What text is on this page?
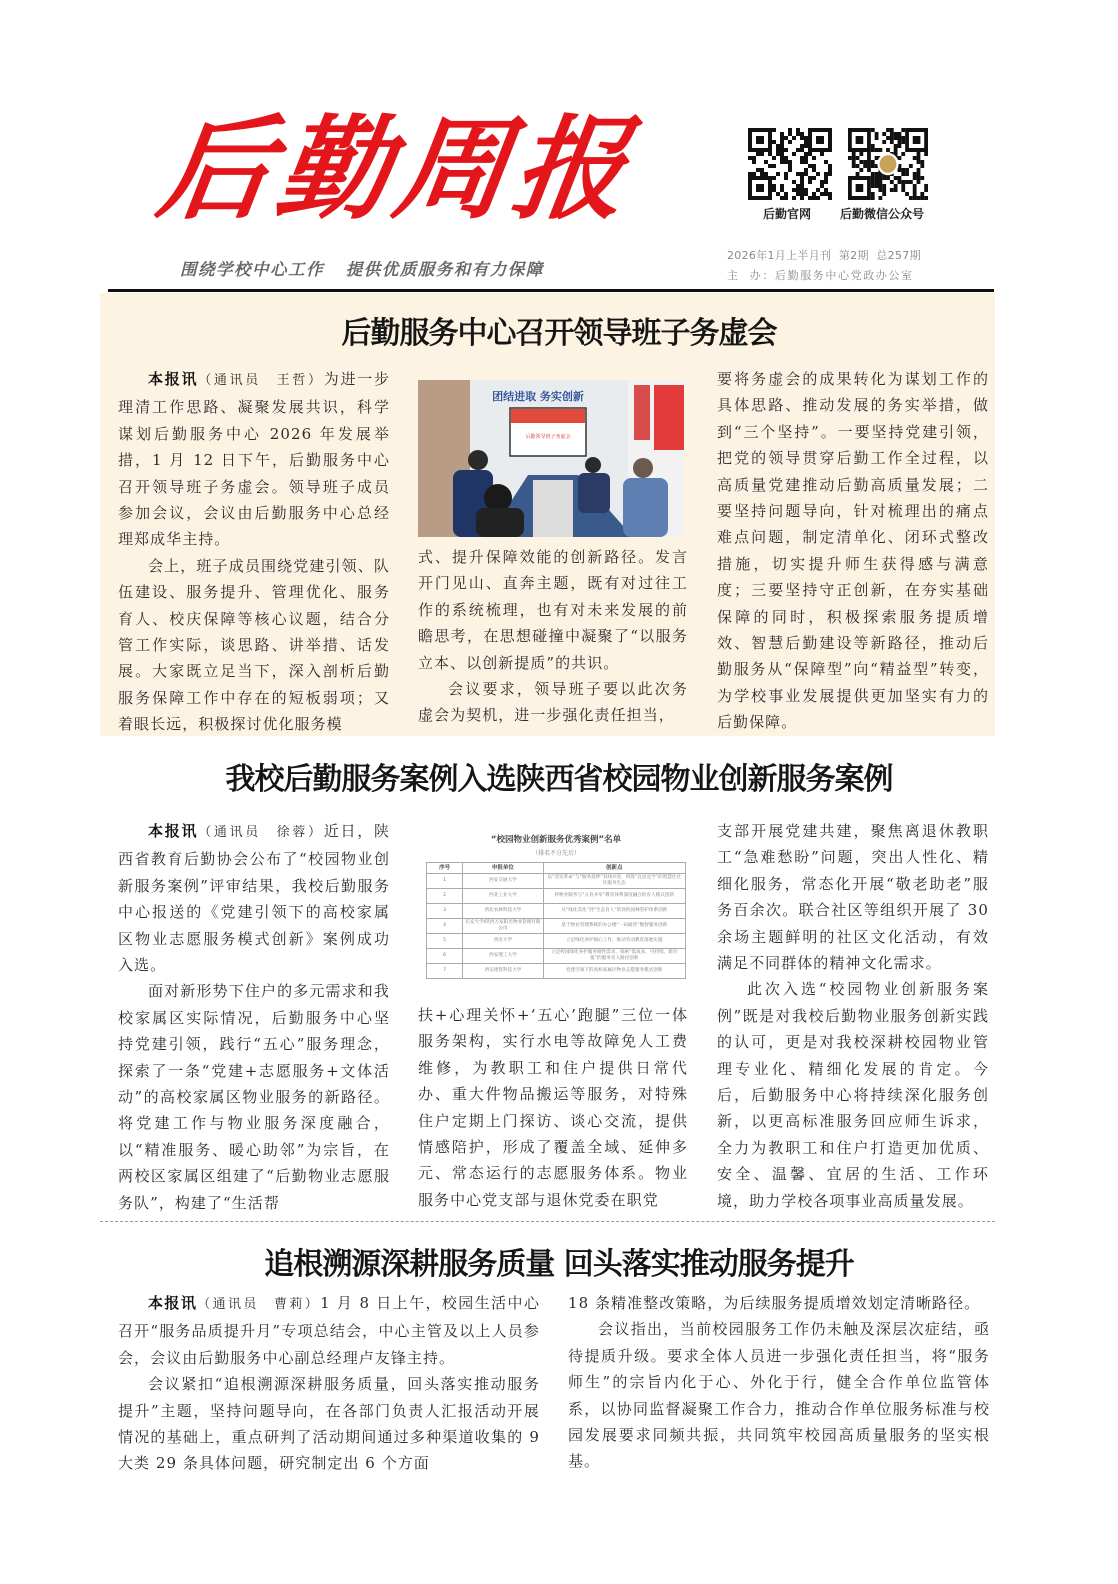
后勤周报
围绕学校中心工作   提供优质服务和有力保障
后勤官网 后勤微信公众号
2026年1月上半月刊  第2期  总257期
主  办：后勤服务中心党政办公室
后勤服务中心召开领导班子务虚会

本报讯（通讯员　王哲）为进一步理清工作思路、凝聚发展共识，科学谋划后勤服务中心 2026 年发展举措，1 月 12 日下午，后勤服务中心召开领导班子务虚会。领导班子成员参加会议，会议由后勤服务中心总经理郑成华主持。

会上，班子成员围绕党建引领、队伍建设、服务提升、管理优化、服务育人、校庆保障等核心议题，结合分管工作实际，谈思路、讲举措、话发展。大家既立足当下，深入剖析后勤服务保障工作中存在的短板弱项；又着眼长远，积极探讨优化服务模

团结进取 务实创新
后勤领导班子务虚会

式、提升保障效能的创新路径。发言开门见山、直奔主题，既有对过往工作的系统梳理，也有对未来发展的前瞻思考，在思想碰撞中凝聚了“以服务立本、以创新提质”的共识。

会议要求，领导班子要以此次务虚会为契机，进一步强化责任担当，

要将务虚会的成果转化为谋划工作的具体思路、推动发展的务实举措，做到“三个坚持”。一要坚持党建引领，把党的领导贯穿后勤工作全过程，以高质量党建推动后勤高质量发展；二要坚持问题导向，针对梳理出的痛点难点问题，制定清单化、闭环式整改措施，切实提升师生获得感与满意度；三要坚持守正创新，在夯实基础保障的同时，积极探索服务提质增效、智慧后勤建设等新路径，推动后勤服务从“保障型”向“精益型”转变，为学校事业发展提供更加坚实有力的后勤保障。

我校后勤服务案例入选陕西省校园物业创新服务案例

本报讯（通讯员　徐蓉）近日，陕西省教育后勤协会公布了“校园物业创新服务案例”评审结果，我校后勤服务中心报送的《党建引领下的高校家属区物业志愿服务模式创新》案例成功入选。

面对新形势下住户的多元需求和我校家属区实际情况，后勤服务中心坚持党建引领，践行“五心”服务理念，探索了一条“党建+志愿服务+文体活动”的高校家属区物业服务的新路径。将党建工作与物业服务深度融合，以“精准服务、暖心助邻”为宗旨，在两校区家属区组建了“后勤物业志愿服务队”，构建了“生活帮

“校园物业创新服务优秀案例”名单
（排名不分先后）
序号	申报单位	创新点
1	西安交通大学	以“适室革命”与“服务延伸”双线并进，构筑“宜居宜学”的智慧化社区服务生态
2	西北工业大学	将物业服务与“五育并举”教育体系深度融合的育人模式创新
3	西北农林科技大学	从“绿化美化”到“生态育人”的高校园林管护体系创新
4	长安大学/陕西万家阳光物业管理有限公司	基于物业管理系统的办公楼“一码通管”数智服务创新
5	西北大学	立足绿化养护核心工作，推动劳动教育落地实施
6	西安理工大学	立足校园绿化养护服务刚性需求，探索“低成本、可持续、新价值”的服务育人路径创新
7	西安建筑科技大学	党建引领下的高校家属区物业志愿服务模式创新

扶+心理关怀+‘五心’跑腿”三位一体服务架构，实行水电等故障免人工费维修，为教职工和住户提供日常代办、重大件物品搬运等服务，对特殊住户定期上门探访、谈心交流，提供情感陪护，形成了覆盖全域、延伸多元、常态运行的志愿服务体系。物业服务中心党支部与退休党委在职党

支部开展党建共建，聚焦离退休教职工“急难愁盼”问题，突出人性化、精细化服务，常态化开展“敬老助老”服务百余次。联合社区等组织开展了 30 余场主题鲜明的社区文化活动，有效满足不同群体的精神文化需求。

此次入选“校园物业创新服务案例”既是对我校后勤物业服务创新实践的认可，更是对我校深耕校园物业管理专业化、精细化发展的肯定。今后，后勤服务中心将持续深化服务创新，以更高标准服务回应师生诉求，全力为教职工和住户打造更加优质、安全、温馨、宜居的生活、工作环境，助力学校各项事业高质量发展。

追根溯源深耕服务质量 回头落实推动服务提升

本报讯（通讯员　曹莉）1 月 8 日上午，校园生活中心召开“服务品质提升月”专项总结会，中心主管及以上人员参会，会议由后勤服务中心副总经理卢友锋主持。

会议紧扣“追根溯源深耕服务质量，回头落实推动服务提升”主题，坚持问题导向，在各部门负责人汇报活动开展情况的基础上，重点研判了活动期间通过多种渠道收集的 9 大类 29 条具体问题，研究制定出 6 个方面

18 条精准整改策略，为后续服务提质增效划定清晰路径。

会议指出，当前校园服务工作仍未触及深层次症结，亟待提质升级。要求全体人员进一步强化责任担当，将“服务师生”的宗旨内化于心、外化于行，健全合作单位监管体系，以协同监督凝聚工作合力，推动合作单位服务标准与校园发展要求同频共振，共同筑牢校园高质量服务的坚实根基。
